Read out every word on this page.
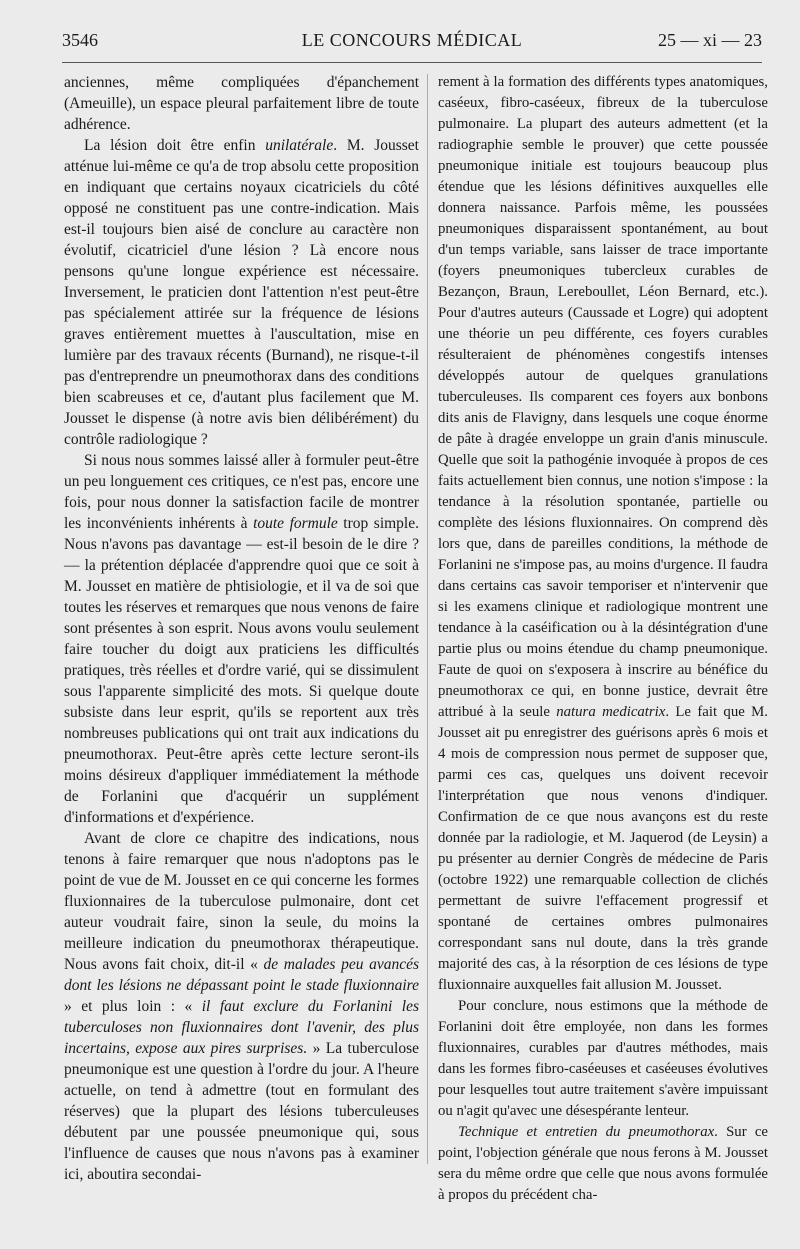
3546	LE CONCOURS MÉDICAL	25 — xi — 23

anciennes, même compliquées d'épanchement (Ameuille), un espace pleural parfaitement libre de toute adhérence.

La lésion doit être enfin unilatérale. M. Jousset atténue lui-même ce qu'a de trop absolu cette proposition en indiquant que certains noyaux cicatriciels du côté opposé ne constituent pas une contre-indication. Mais est-il toujours bien aisé de conclure au caractère non évolutif, cicatriciel d'une lésion ? Là encore nous pensons qu'une longue expérience est nécessaire. Inversement, le praticien dont l'attention n'est peut-être pas spécialement attirée sur la fréquence de lésions graves entièrement muettes à l'auscultation, mise en lumière par des travaux récents (Burnand), ne risque-t-il pas d'entreprendre un pneumothorax dans des conditions bien scabreuses et ce, d'autant plus facilement que M. Jousset le dispense (à notre avis bien délibérément) du contrôle radiologique ?

Si nous nous sommes laissé aller à formuler peut-être un peu longuement ces critiques, ce n'est pas, encore une fois, pour nous donner la satisfaction facile de montrer les inconvénients inhérents à toute formule trop simple. Nous n'avons pas davantage — est-il besoin de le dire ? — la prétention déplacée d'apprendre quoi que ce soit à M. Jousset en matière de phtisiologie, et il va de soi que toutes les réserves et remarques que nous venons de faire sont présentes à son esprit. Nous avons voulu seulement faire toucher du doigt aux praticiens les difficultés pratiques, très réelles et d'ordre varié, qui se dissimulent sous l'apparente simplicité des mots. Si quelque doute subsiste dans leur esprit, qu'ils se reportent aux très nombreuses publications qui ont trait aux indications du pneumothorax. Peut-être après cette lecture seront-ils moins désireux d'appliquer immédiatement la méthode de Forlanini que d'acquérir un supplément d'informations et d'expérience.

Avant de clore ce chapitre des indications, nous tenons à faire remarquer que nous n'adoptons pas le point de vue de M. Jousset en ce qui concerne les formes fluxionnaires de la tuberculose pulmonaire, dont cet auteur voudrait faire, sinon la seule, du moins la meilleure indication du pneumothorax thérapeutique. Nous avons fait choix, dit-il « de malades peu avancés dont les lésions ne dépassant point le stade fluxionnaire » et plus loin : « il faut exclure du Forlanini les tuberculoses non fluxionnaires dont l'avenir, des plus incertains, expose aux pires surprises. » La tuberculose pneumonique est une question à l'ordre du jour. A l'heure actuelle, on tend à admettre (tout en formulant des réserves) que la plupart des lésions tuberculeuses débutent par une poussée pneumonique qui, sous l'influence de causes que nous n'avons pas à examiner ici, aboutira secondai-

rement à la formation des différents types anatomiques, caséeux, fibro-caséeux, fibreux de la tuberculose pulmonaire. La plupart des auteurs admettent (et la radiographie semble le prouver) que cette poussée pneumonique initiale est toujours beaucoup plus étendue que les lésions définitives auxquelles elle donnera naissance. Parfois même, les poussées pneumoniques disparaissent spontanément, au bout d'un temps variable, sans laisser de trace importante (foyers pneumoniques tubercleux curables de Bezançon, Braun, Lereboullet, Léon Bernard, etc.). Pour d'autres auteurs (Caussade et Logre) qui adoptent une théorie un peu différente, ces foyers curables résulteraient de phénomènes congestifs intenses développés autour de quelques granulations tuberculeuses. Ils comparent ces foyers aux bonbons dits anis de Flavigny, dans lesquels une coque énorme de pâte à dragée enveloppe un grain d'anis minuscule. Quelle que soit la pathogénie invoquée à propos de ces faits actuellement bien connus, une notion s'impose : la tendance à la résolution spontanée, partielle ou complète des lésions fluxionnaires. On comprend dès lors que, dans de pareilles conditions, la méthode de Forlanini ne s'impose pas, au moins d'urgence. Il faudra dans certains cas savoir temporiser et n'intervenir que si les examens clinique et radiologique montrent une tendance à la caséification ou à la désintégration d'une partie plus ou moins étendue du champ pneumonique. Faute de quoi on s'exposera à inscrire au bénéfice du pneumothorax ce qui, en bonne justice, devrait être attribué à la seule natura medicatrix. Le fait que M. Jousset ait pu enregistrer des guérisons après 6 mois et 4 mois de compression nous permet de supposer que, parmi ces cas, quelques uns doivent recevoir l'interprétation que nous venons d'indiquer. Confirmation de ce que nous avançons est du reste donnée par la radiologie, et M. Jaquerod (de Leysin) a pu présenter au dernier Congrès de médecine de Paris (octobre 1922) une remarquable collection de clichés permettant de suivre l'effacement progressif et spontané de certaines ombres pulmonaires correspondant sans nul doute, dans la très grande majorité des cas, à la résorption de ces lésions de type fluxionnaire auxquelles fait allusion M. Jousset.

Pour conclure, nous estimons que la méthode de Forlanini doit être employée, non dans les formes fluxionnaires, curables par d'autres méthodes, mais dans les formes fibro-caséeuses et caséeuses évolutives pour lesquelles tout autre traitement s'avère impuissant ou n'agit qu'avec une désespérante lenteur.

Technique et entretien du pneumothorax. Sur ce point, l'objection générale que nous ferons à M. Jousset sera du même ordre que celle que nous avons formulée à propos du précédent cha-
